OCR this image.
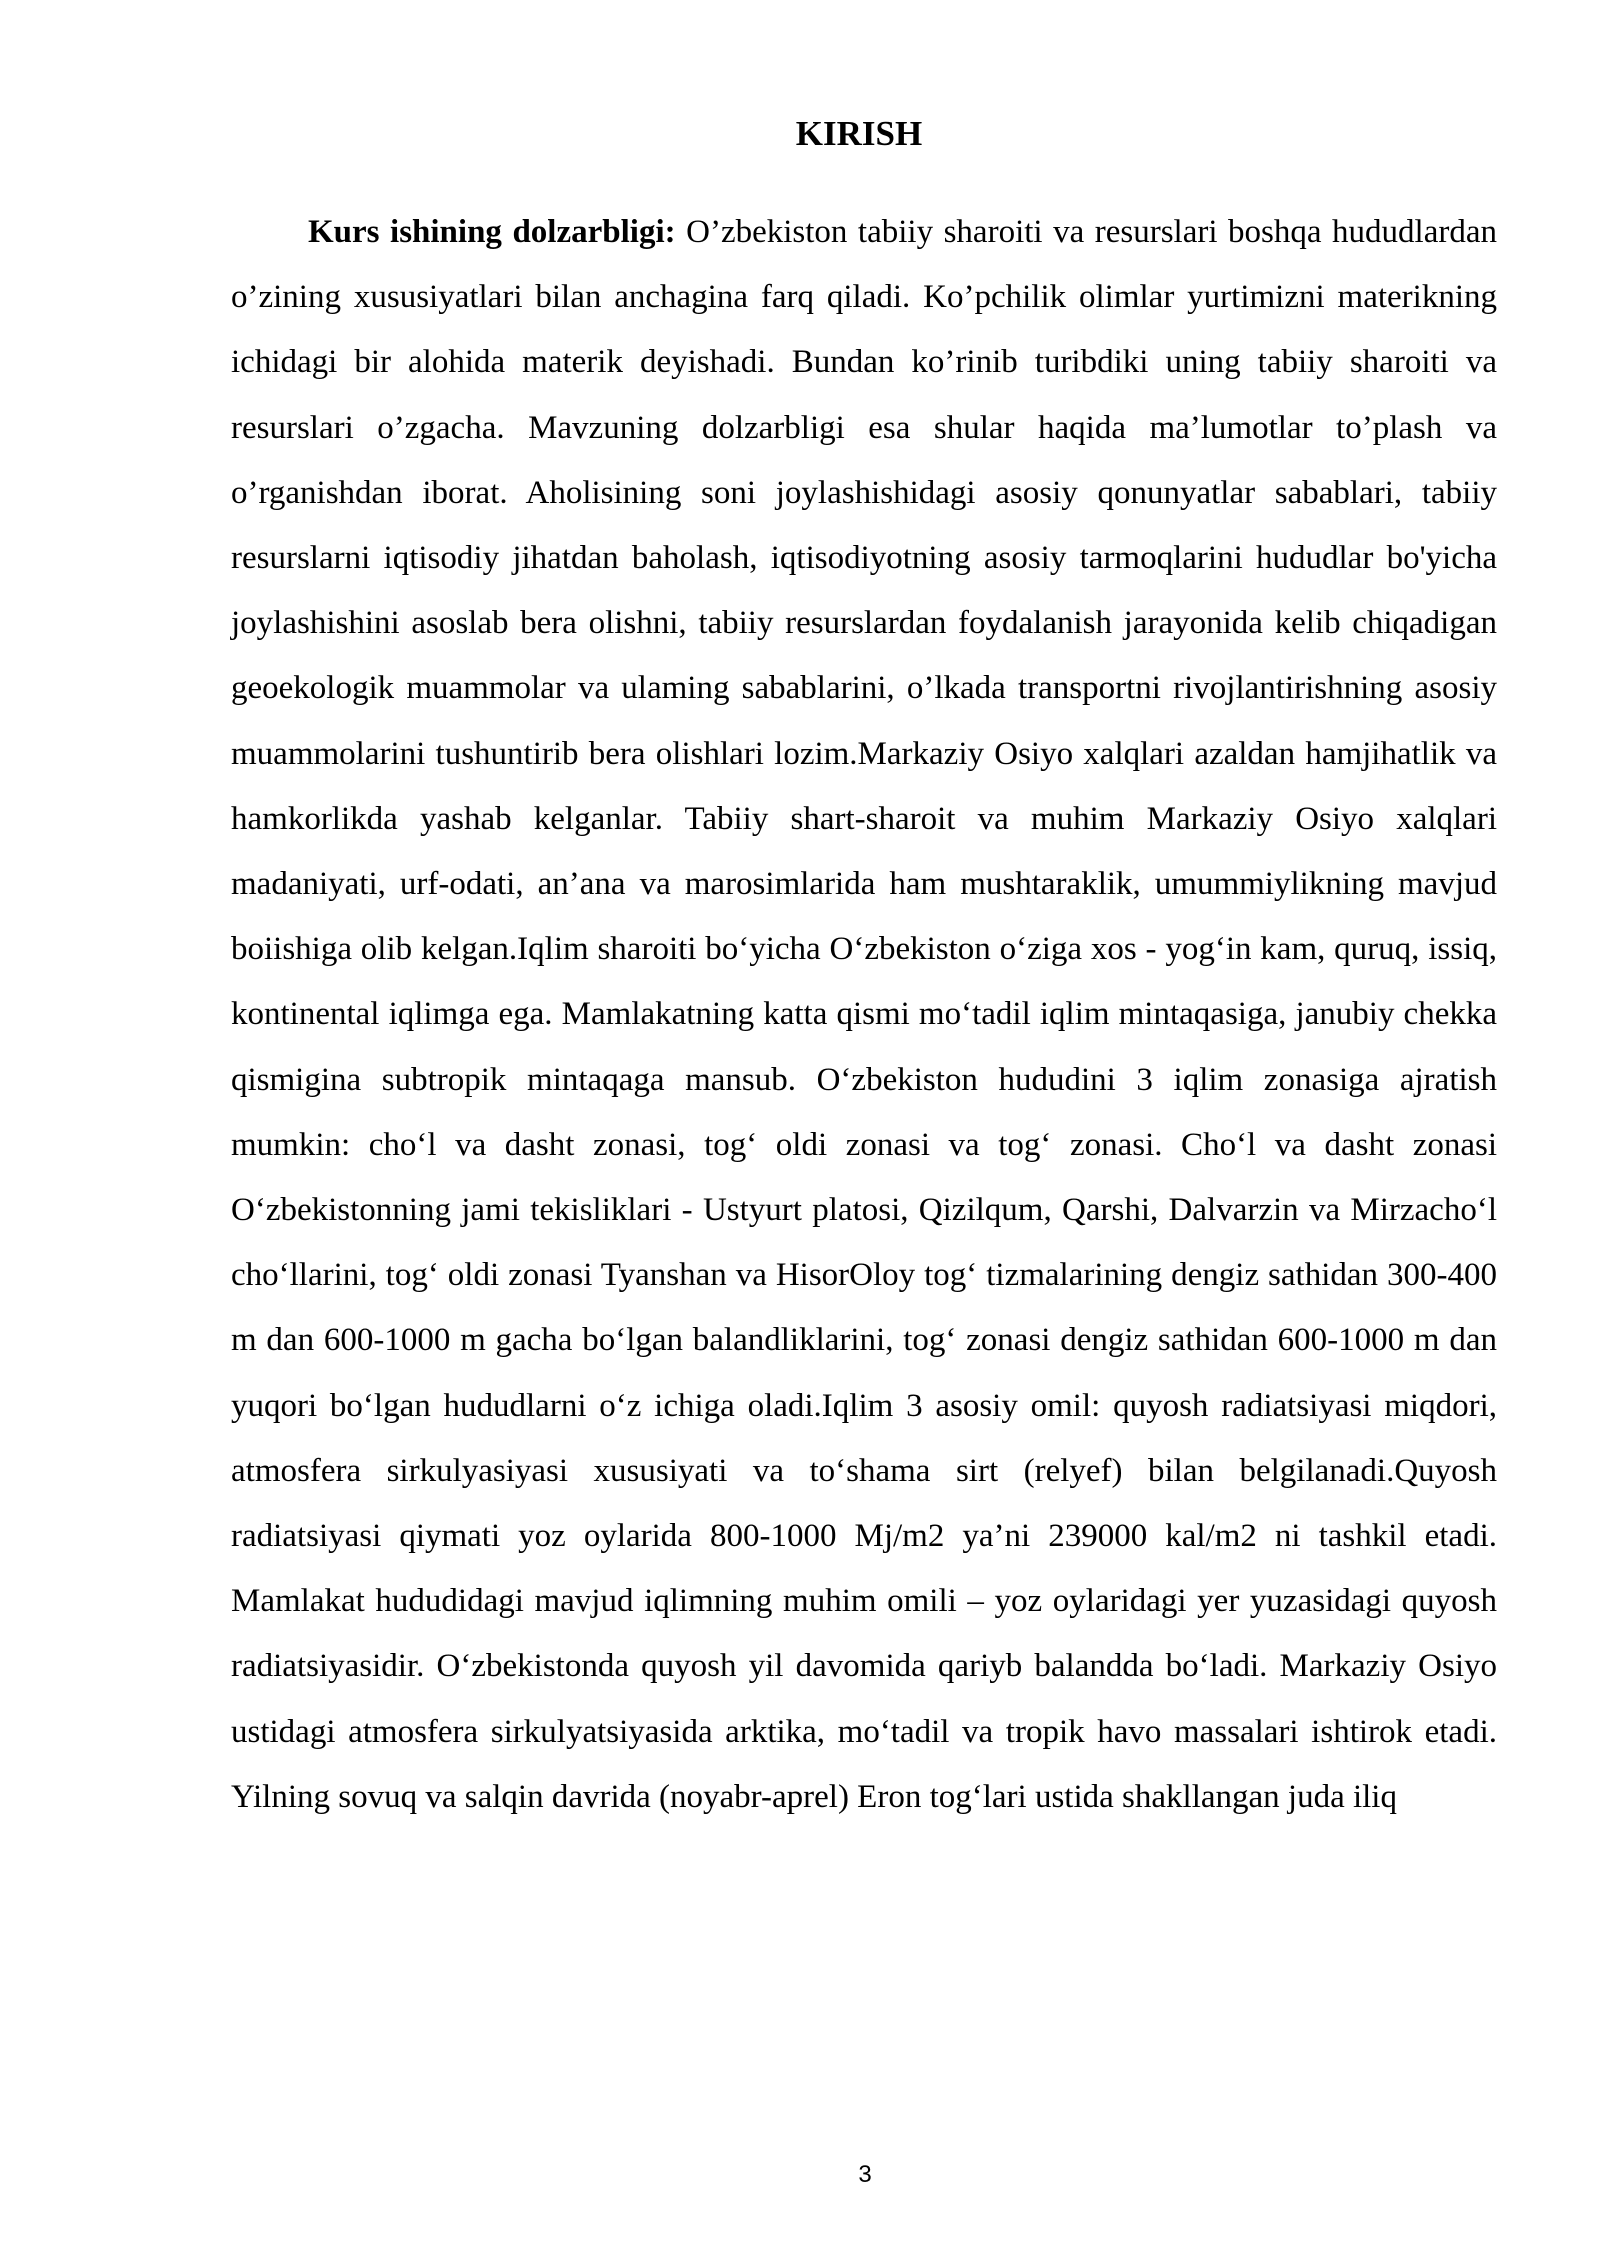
KIRISH

Kurs ishining dolzarbligi: O’zbekiston tabiiy sharoiti va resurslari boshqa hududlardan o’zining xususiyatlari bilan anchagina farq qiladi. Ko’pchilik olimlar yurtimizni materikning ichidagi bir alohida materik deyishadi. Bundan ko’rinib turibdiki uning tabiiy sharoiti va resurslari o’zgacha. Mavzuning dolzarbligi esa shular haqida ma’lumotlar to’plash va o’rganishdan iborat. Aholisining soni joylashishidagi asosiy qonunyatlar sabablari, tabiiy resurslarni iqtisodiy jihatdan baholash, iqtisodiyotning asosiy tarmoqlarini hududlar bo'yicha joylashishini asoslab bera olishni, tabiiy resurslardan foydalanish jarayonida kelib chiqadigan geoekologik muammolar va ulaming sabablarini, o’lkada transportni rivojlantirishning asosiy muammolarini tushuntirib bera olishlari lozim.Markaziy Osiyo xalqlari azaldan hamjihatlik va hamkorlikda yashab kelganlar. Tabiiy shart-sharoit va muhim Markaziy Osiyo xalqlari madaniyati, urf-odati, an’ana va marosimlarida ham mushtaraklik, umummiylikning mavjud boiishiga olib kelgan.Iqlim sharoiti bo‘yicha O‘zbekiston o‘ziga xos - yog‘in kam, quruq, issiq, kontinental iqlimga ega. Mamlakatning katta qismi mo‘tadil iqlim mintaqasiga, janubiy chekka qismigina subtropik mintaqaga mansub. O‘zbekiston hududini 3 iqlim zonasiga ajratish mumkin: cho‘l va dasht zonasi, tog‘ oldi zonasi va tog‘ zonasi. Cho‘l va dasht zonasi O‘zbekistonning jami tekisliklari - Ustyurt platosi, Qizilqum, Qarshi, Dalvarzin va Mirzacho‘l cho‘llarini, tog‘ oldi zonasi Tyanshan va HisorOloy tog‘ tizmalarining dengiz sathidan 300-400 m dan 600-1000 m gacha bo‘lgan balandliklarini, tog‘ zonasi dengiz sathidan 600-1000 m dan yuqori bo‘lgan hududlarni o‘z ichiga oladi.Iqlim 3 asosiy omil: quyosh radiatsiyasi miqdori, atmosfera sirkulyasiyasi xususiyati va to‘shama sirt (relyef) bilan belgilanadi.Quyosh radiatsiyasi qiymati yoz oylarida 800-1000 Mj/m2 ya’ni 239000 kal/m2 ni tashkil etadi. Mamlakat hududidagi mavjud iqlimning muhim omili – yoz oylaridagi yer yuzasidagi quyosh radiatsiyasidir. O‘zbekistonda quyosh yil davomida qariyb balandda bo‘ladi. Markaziy Osiyo ustidagi atmosfera sirkulyatsiyasida arktika, mo‘tadil va tropik havo massalari ishtirok etadi. Yilning sovuq va salqin davrida (noyabr-aprel) Eron tog‘lari ustida shakllangan juda iliq

3
